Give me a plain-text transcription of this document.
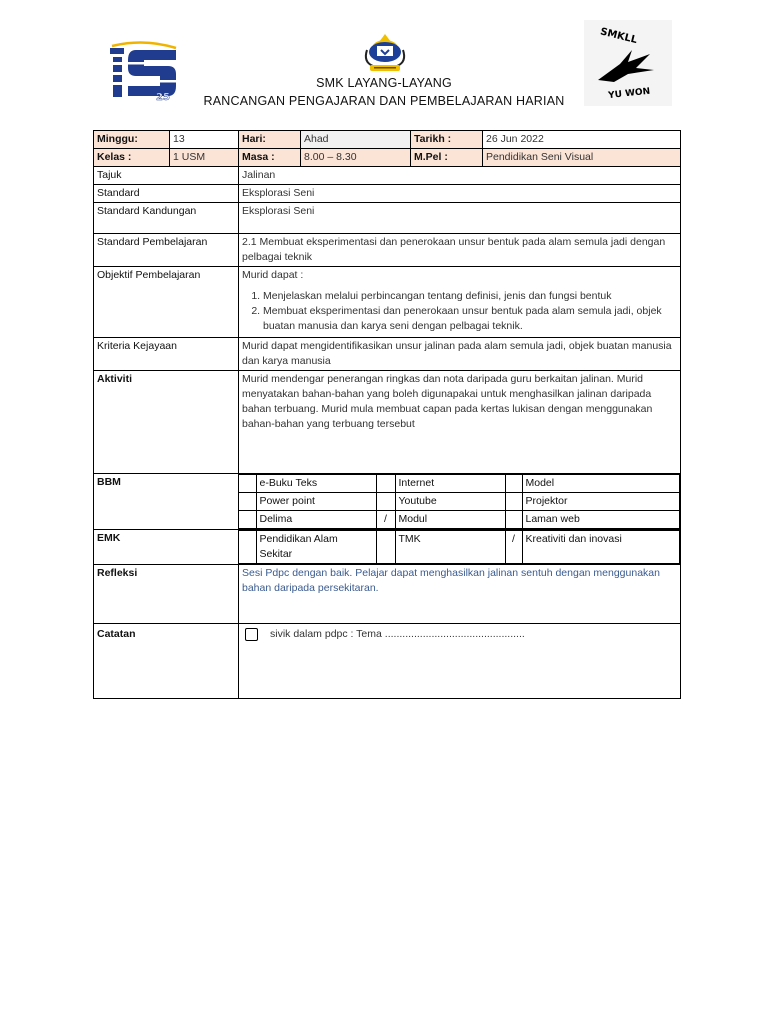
25
SMKLL
YU WON
SMK LAYANG-LAYANG
RANCANGAN PENGAJARAN DAN PEMBELAJARAN HARIAN
Minggu:	13	Hari:	Ahad	Tarikh :	26 Jun 2022
Kelas :	1 USM	Masa :	8.00 – 8.30	M.Pel :	Pendidikan Seni Visual
Tajuk	Jalinan
Standard	Eksplorasi Seni
Standard Kandungan	Eksplorasi Seni
Standard Pembelajaran	2.1 Membuat eksperimentasi dan penerokaan unsur bentuk pada alam semula jadi dengan pelbagai teknik
Objektif Pembelajaran	Murid dapat :
1. Menjelaskan melalui perbincangan tentang definisi, jenis dan fungsi bentuk
2. Membuat eksperimentasi dan penerokaan unsur bentuk pada alam semula jadi, objek buatan manusia dan karya seni dengan pelbagai teknik.

Kriteria Kejayaan	Murid dapat mengidentifikasikan unsur jalinan pada alam semula jadi, objek buatan manusia dan karya manusia
Aktiviti	Murid mendengar penerangan ringkas dan nota daripada guru berkaitan jalinan. Murid menyatakan bahan-bahan yang boleh digunapakai untuk menghasilkan jalinan daripada bahan terbuang. Murid mula membuat capan pada kertas lukisan dengan menggunakan bahan-bahan yang terbuang tersebut
BBM	
		e-Buku Teks		Internet		Model
	Power point		Youtube		Projektor
	Delima	/	Modul		Laman web

EMK	
		Pendidikan Alam Sekitar		TMK	/	Kreativiti dan inovasi

Refleksi	Sesi Pdpc dengan baik. Pelajar dapat menghasilkan jalinan sentuh dengan menggunakan bahan daripada persekitaran.
Catatan	sivik dalam pdpc : Tema ................................................
